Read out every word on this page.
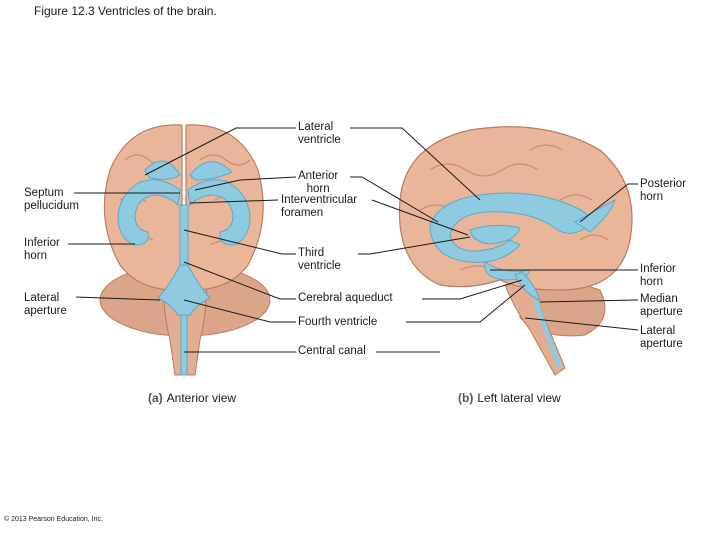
Figure 12.3 Ventricles of the brain.
Lateral
ventricle
Anterior
horn
Interventricular
foramen
Septum
pellucidum
Inferior
horn
Lateral
aperture
Third
ventricle
Cerebral aqueduct
Fourth ventricle
Central canal
Posterior
horn
Inferior
horn
Median
aperture
Lateral
aperture
(a) Anterior view	(b) Left lateral view
© 2013 Pearson Education, Inc.
